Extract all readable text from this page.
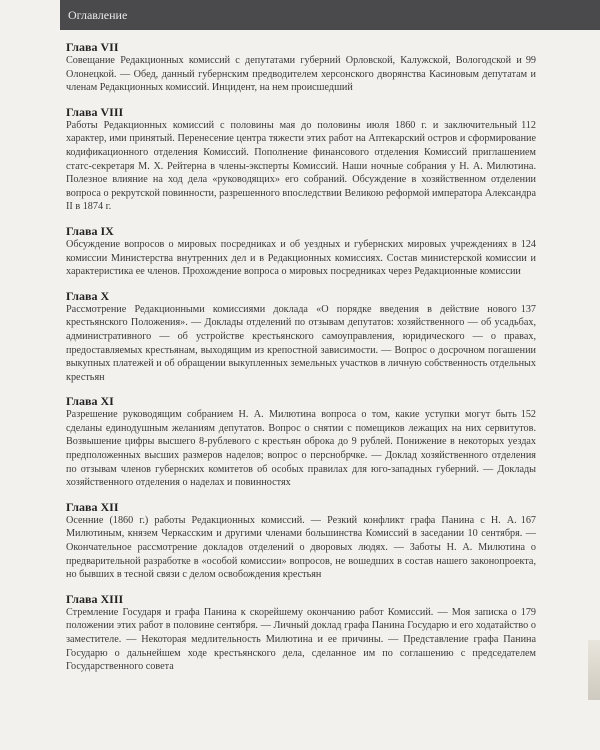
Оглавление
Глава VII
99
Совещание Редакционных комиссий с депутатами губерний Орловской, Калужской, Вологодской и Олонецкой. — Обед, данный губернским предводителем херсонского дворянства Касиновым депутатам и членам Редакционных комиссий. Инцидент, на нем происшедший
Глава VIII
112
Работы Редакционных комиссий с половины мая до половины июля 1860 г. и заключительный характер, ими принятый. Перенесение центра тяжести этих работ на Аптекарский остров и сформирование кодификационного отделения Комиссий. Пополнение финансового отделения Комиссий приглашением статс-секретаря М. Х. Рейтерна в члены-эксперты Комиссий. Наши ночные собрания у Н. А. Милютина. Полезное влияние на ход дела «руководящих» его собраний. Обсуждение в хозяйственном отделении вопроса о рекрутской повинности, разрешенного впоследствии Великою реформой императора Александра II в 1874 г.
Глава IX
124
Обсуждение вопросов о мировых посредниках и об уездных и губернских мировых учреждениях в комиссии Министерства внутренних дел и в Редакционных комиссиях. Состав министерской комиссии и характеристика ее членов. Прохождение вопроса о мировых посредниках через Редакционные комиссии
Глава X
137
Рассмотрение Редакционными комиссиями доклада «О порядке введения в действие нового крестьянского Положения». — Доклады отделений по отзывам депутатов: хозяйственного — об усадьбах, административного — об устройстве крестьянского самоуправления, юридического — о правах, предоставляемых крестьянам, выходящим из крепостной зависимости. — Вопрос о досрочном погашении выкупных платежей и об обращении выкупленных земельных участков в личную собственность отдельных крестьян
Глава XI
152
Разрешение руководящим собранием Н. А. Милютина вопроса о том, какие уступки могут быть сделаны единодушным желаниям депутатов. Вопрос о снятии с помещиков лежащих на них сервитутов. Возвышение цифры высшего 8-рублевого с крестьян оброка до 9 рублей. Понижение в некоторых уездах предположенных высших размеров наделов; вопрос о перснобрчке. — Доклад хозяйственного отделения по отзывам членов губернских комитетов об особых правилах для юго-западных губерний. — Доклады хозяйственного отделения о наделах и повинностях
Глава XII
167
Осенние (1860 г.) работы Редакционных комиссий. — Резкий конфликт графа Панина с Н. А. Милютиным, князем Черкасским и другими членами большинства Комиссий в заседании 10 сентября. — Окончательное рассмотрение докладов отделений о дворовых людях. — Заботы Н. А. Милютина о предварительной разработке в «особой комиссии» вопросов, не вошедших в состав нашего законопроекта, но бывших в тесной связи с делом освобождения крестьян
Глава XIII
179
Стремление Государя и графа Панина к скорейшему окончанию работ Комиссий. — Моя записка о положении этих работ в половине сентября. — Личный доклад графа Панина Государю и его ходатайство о заместителе. — Некоторая медлительность Милютина и ее причины. — Представление графа Панина Государю о дальнейшем ходе крестьянского дела, сделанное им по соглашению с председателем Государственного совета
